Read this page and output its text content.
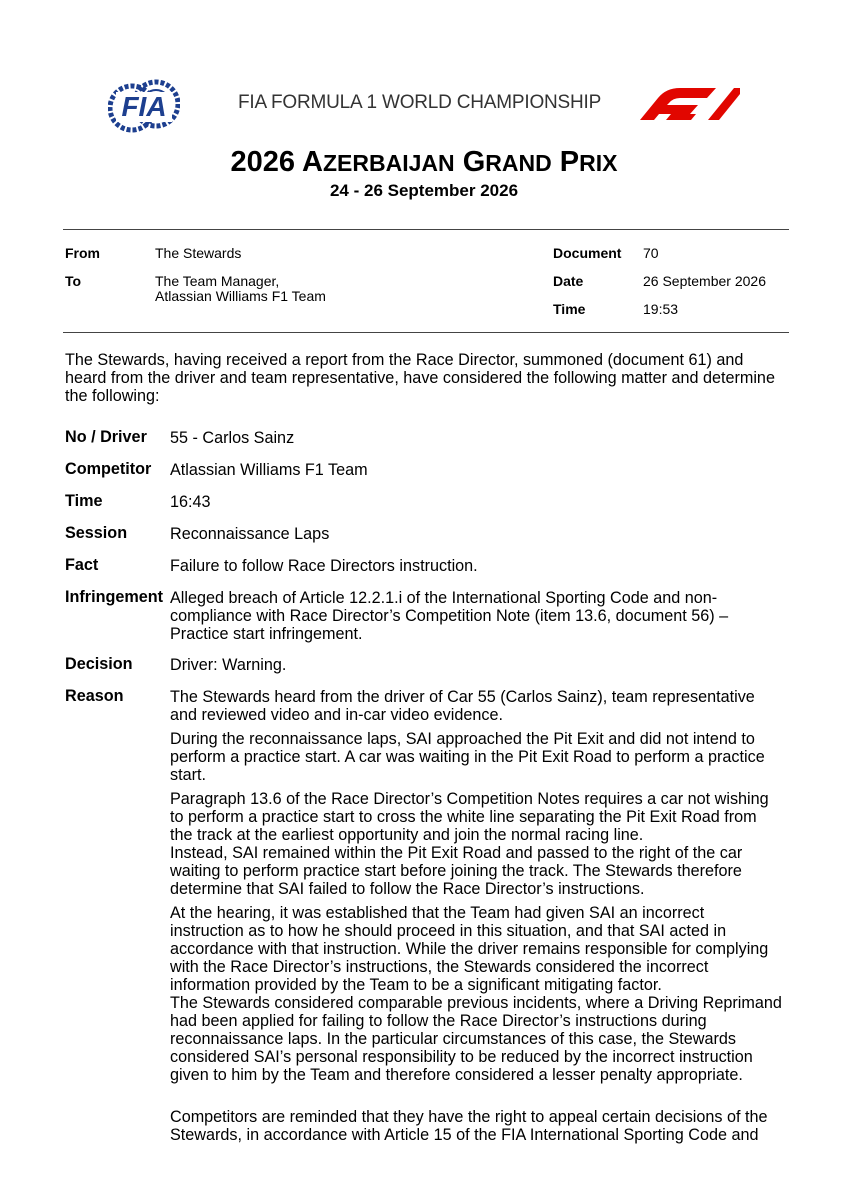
FIA	FIA FORMULA 1 WORLD CHAMPIONSHIP
2026 AZERBAIJAN GRAND PRIX
24 - 26 September 2026
From	The Stewards
To	The Team Manager,
Atlassian Williams F1 Team
Document 70
Date	26 September 2026
Time	19:53
The Stewards, having received a report from the Race Director, summoned (document 61) and heard from the driver and team representative, have considered the following matter and determine the following:
No / Driver 55 - Carlos Sainz
Competitor Atlassian Williams F1 Team
Time	16:43
Session	Reconnaissance Laps
Fact	Failure to follow Race Directors instruction.
Infringement Alleged breach of Article 12.2.1.i of the International Sporting Code and non-compliance with Race Director’s Competition Note (item 13.6, document 56) – Practice start infringement.
Decision Driver: Warning.
Reason	The Stewards heard from the driver of Car 55 (Carlos Sainz), team representative and reviewed video and in-car video evidence.

During the reconnaissance laps, SAI approached the Pit Exit and did not intend to perform a practice start. A car was waiting in the Pit Exit Road to perform a practice start.

Paragraph 13.6 of the Race Director’s Competition Notes requires a car not wishing to perform a practice start to cross the white line separating the Pit Exit Road from the track at the earliest opportunity and join the normal racing line.

Instead, SAI remained within the Pit Exit Road and passed to the right of the car waiting to perform practice start before joining the track. The Stewards therefore determine that SAI failed to follow the Race Director’s instructions.

At the hearing, it was established that the Team had given SAI an incorrect instruction as to how he should proceed in this situation, and that SAI acted in accordance with that instruction. While the driver remains responsible for complying with the Race Director’s instructions, the Stewards considered the incorrect information provided by the Team to be a significant mitigating factor.

The Stewards considered comparable previous incidents, where a Driving Reprimand had been applied for failing to follow the Race Director’s instructions during reconnaissance laps. In the particular circumstances of this case, the Stewards considered SAI’s personal responsibility to be reduced by the incorrect instruction given to him by the Team and therefore considered a lesser penalty appropriate.

Competitors are reminded that they have the right to appeal certain decisions of the Stewards, in accordance with Article 15 of the FIA International Sporting Code and
